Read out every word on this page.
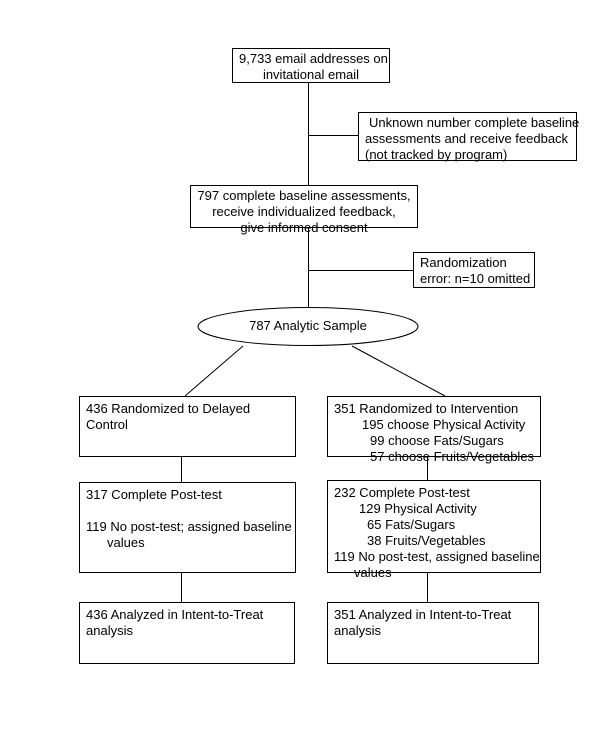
9,733 email addresses on
invitational email
Unknown number complete baseline
assessments and receive feedback
(not tracked by program)
797 complete baseline assessments,
receive individualized feedback,
give informed consent
Randomization
error: n=10 omitted
787 Analytic Sample
436 Randomized to Delayed
Control
351 Randomized to Intervention
195 choose Physical Activity
99 choose Fats/Sugars
57 choose Fruits/Vegetables
317 Complete Post-test
119 No post-test; assigned baseline
values
232 Complete Post-test
129 Physical Activity
65 Fats/Sugars
38 Fruits/Vegetables
119 No post-test, assigned baseline
values
436 Analyzed in Intent-to-Treat
analysis
351 Analyzed in Intent-to-Treat
analysis
